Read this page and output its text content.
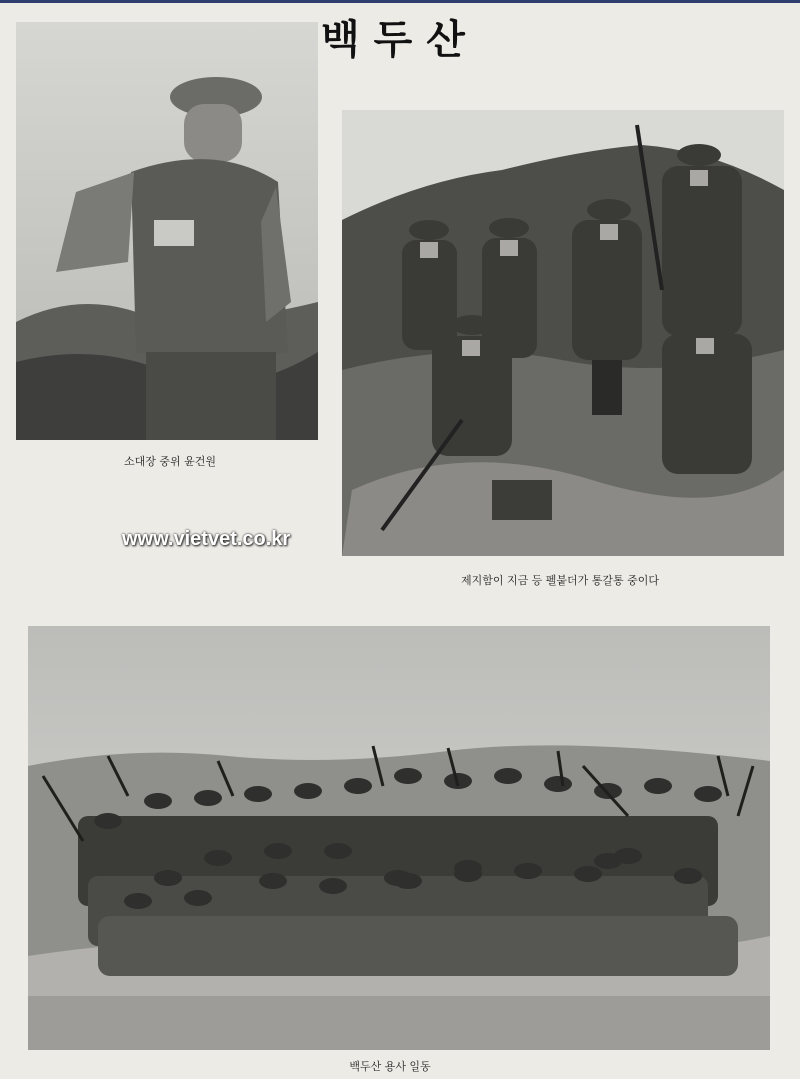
백두산
소대장 중위 윤건원
제지함이 지금 등 펠붙더가 통갈통 중이다
www.vietvet.co.kr
백두산 용사 일동
